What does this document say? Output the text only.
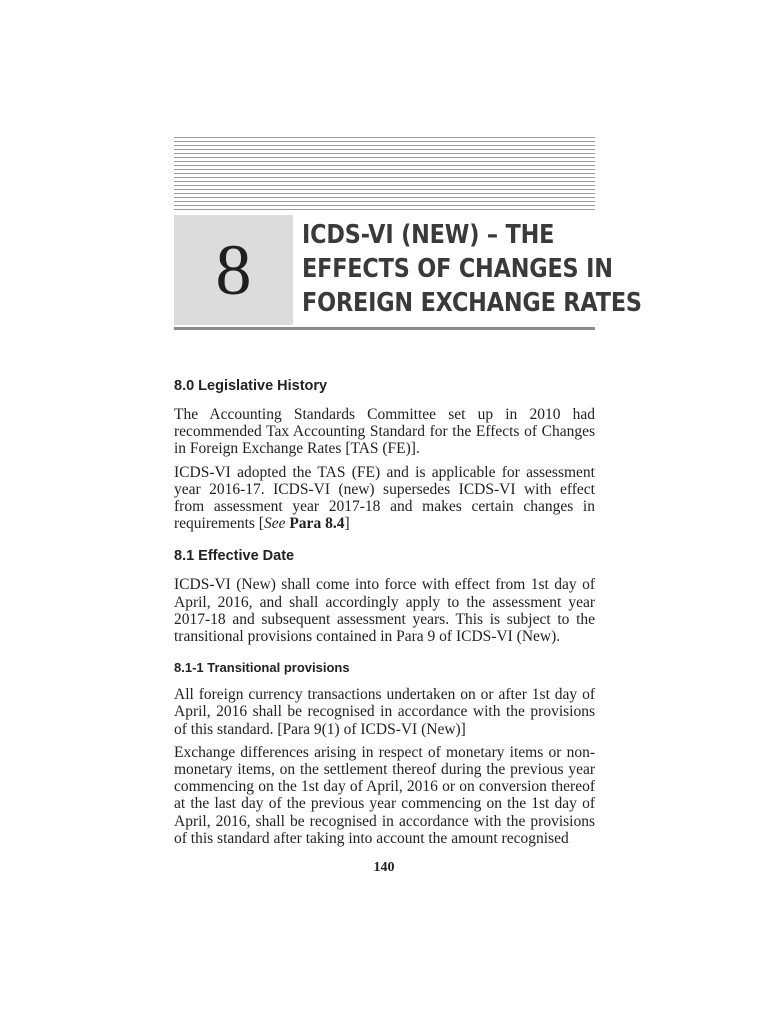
8 ICDS-VI (NEW) – THE
EFFECTS OF CHANGES IN
FOREIGN EXCHANGE RATES
8.0 Legislative History

The Accounting Standards Committee set up in 2010 had recommended Tax Accounting Standard for the Effects of Changes in Foreign Exchange Rates [TAS (FE)].

ICDS-VI adopted the TAS (FE) and is applicable for assessment year 2016-17. ICDS-VI (new) supersedes ICDS-VI with effect from assessment year 2017-18 and makes certain changes in requirements [See Para 8.4]

8.1 Effective Date

ICDS-VI (New) shall come into force with effect from 1st day of April, 2016, and shall accordingly apply to the assessment year 2017-18 and subsequent assessment years. This is subject to the transitional provisions contained in Para 9 of ICDS-VI (New).

8.1-1 Transitional provisions

All foreign currency transactions undertaken on or after 1st day of April, 2016 shall be recognised in accordance with the provisions of this standard. [Para 9(1) of ICDS-VI (New)]

Exchange differences arising in respect of monetary items or non-monetary items, on the settlement thereof during the previous year commencing on the 1st day of April, 2016 or on conversion thereof at the last day of the previous year commencing on the 1st day of April, 2016, shall be recognised in accordance with the provisions of this standard after taking into account the amount recognised

140
